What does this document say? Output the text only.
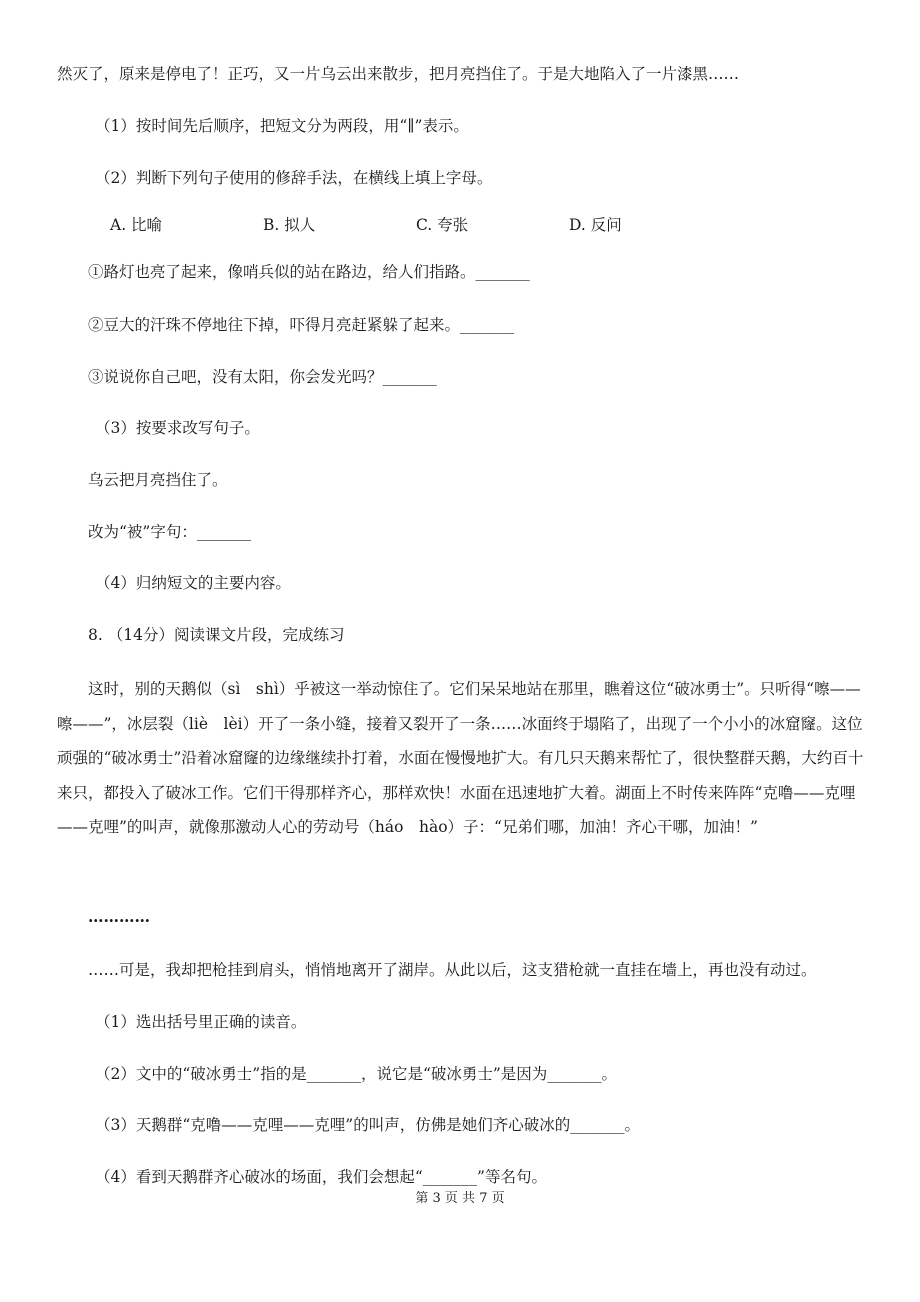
然灭了，原来是停电了！正巧，又一片乌云出来散步，把月亮挡住了。于是大地陷入了一片漆黑……
（1）按时间先后顺序，把短文分为两段，用“∥”表示。
（2）判断下列句子使用的修辞手法，在横线上填上字母。
A. 比喻	B. 拟人	C. 夸张	D. 反问
①路灯也亮了起来，像哨兵似的站在路边，给人们指路。_______
②豆大的汗珠不停地往下掉，吓得月亮赶紧躲了起来。_______
③说说你自己吧，没有太阳，你会发光吗？_______
（3）按要求改写句子。
乌云把月亮挡住了。
改为“被”字句：_______
（4）归纳短文的主要内容。
8. （14分）阅读课文片段，完成练习
这时，别的天鹅似（sì　shì）乎被这一举动惊住了。它们呆呆地站在那里，瞧着这位“破冰勇士”。只听得“嚓——嚓——”，冰层裂（liè　lèi）开了一条小缝，接着又裂开了一条……冰面终于塌陷了，出现了一个小小的冰窟窿。这位顽强的“破冰勇士”沿着冰窟窿的边缘继续扑打着，水面在慢慢地扩大。有几只天鹅来帮忙了，很快整群天鹅，大约百十来只，都投入了破冰工作。它们干得那样齐心，那样欢快！水面在迅速地扩大着。湖面上不时传来阵阵“克噜——克哩——克哩”的叫声，就像那激动人心的劳动号（háo　hào）子：“兄弟们哪，加油！齐心干哪，加油！”
…………
……可是，我却把枪挂到肩头，悄悄地离开了湖岸。从此以后，这支猎枪就一直挂在墙上，再也没有动过。
（1）选出括号里正确的读音。
（2）文中的“破冰勇士”指的是_______，说它是“破冰勇士”是因为_______。
（3）天鹅群“克噜——克哩——克哩”的叫声，仿佛是她们齐心破冰的_______。
（4）看到天鹅群齐心破冰的场面，我们会想起“_______”等名句。
第 3 页 共 7 页
